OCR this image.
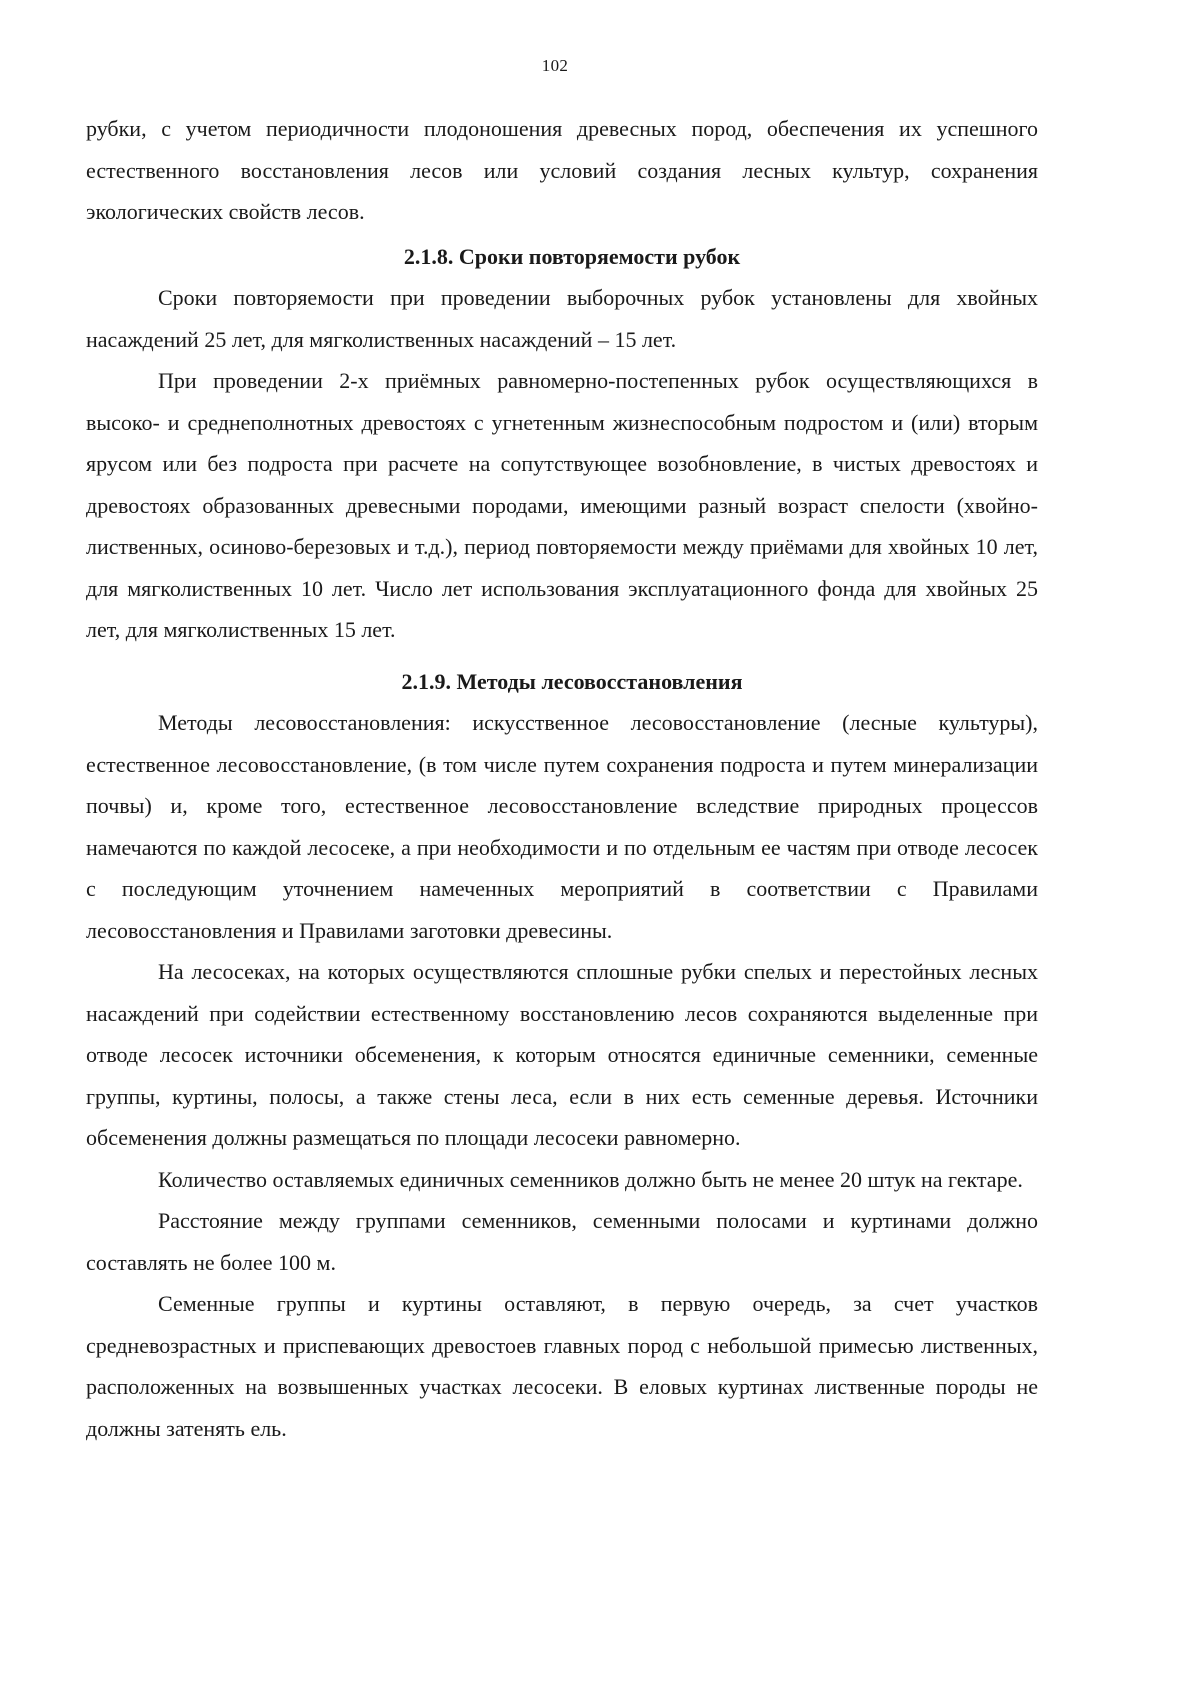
102

рубки, с учетом периодичности плодоношения древесных пород, обеспечения их успешного естественного восстановления лесов или условий создания лесных культур, сохранения экологических свойств лесов.

2.1.8. Сроки повторяемости рубок

Сроки повторяемости при проведении выборочных рубок установлены для хвойных насаждений 25 лет, для мягколиственных насаждений – 15 лет.

При проведении 2-х приёмных равномерно-постепенных рубок осуществляющихся в высоко- и среднеполнотных древостоях с угнетенным жизнеспособным подростом и (или) вторым ярусом или без подроста при расчете на сопутствующее возобновление, в чистых древостоях и древостоях образованных древесными породами, имеющими разный возраст спелости (хвойно-лиственных, осиново-березовых и т.д.), период повторяемости между приёмами для хвойных 10 лет, для мягколиственных 10 лет. Число лет использования эксплуатационного фонда для хвойных 25 лет, для мягколиственных 15 лет.

2.1.9. Методы лесовосстановления

Методы лесовосстановления: искусственное лесовосстановление (лесные культуры), естественное лесовосстановление, (в том числе путем сохранения подроста и путем минерализации почвы) и, кроме того, естественное лесовосстановление вследствие природных процессов намечаются по каждой лесосеке, а при необходимости и по отдельным ее частям при отводе лесосек с последующим уточнением намеченных мероприятий в соответствии с Правилами лесовосстановления и Правилами заготовки древесины.

На лесосеках, на которых осуществляются сплошные рубки спелых и перестойных лесных насаждений при содействии естественному восстановлению лесов сохраняются выделенные при отводе лесосек источники обсеменения, к которым относятся единичные семенники, семенные группы, куртины, полосы, а также стены леса, если в них есть семенные деревья. Источники обсеменения должны размещаться по площади лесосеки равномерно.

Количество оставляемых единичных семенников должно быть не менее 20 штук на гектаре.

Расстояние между группами семенников, семенными полосами и куртинами должно составлять не более 100 м.

Семенные группы и куртины оставляют, в первую очередь, за счет участков средневозрастных и приспевающих древостоев главных пород с небольшой примесью лиственных, расположенных на возвышенных участках лесосеки. В еловых куртинах лиственные породы не должны затенять ель.
